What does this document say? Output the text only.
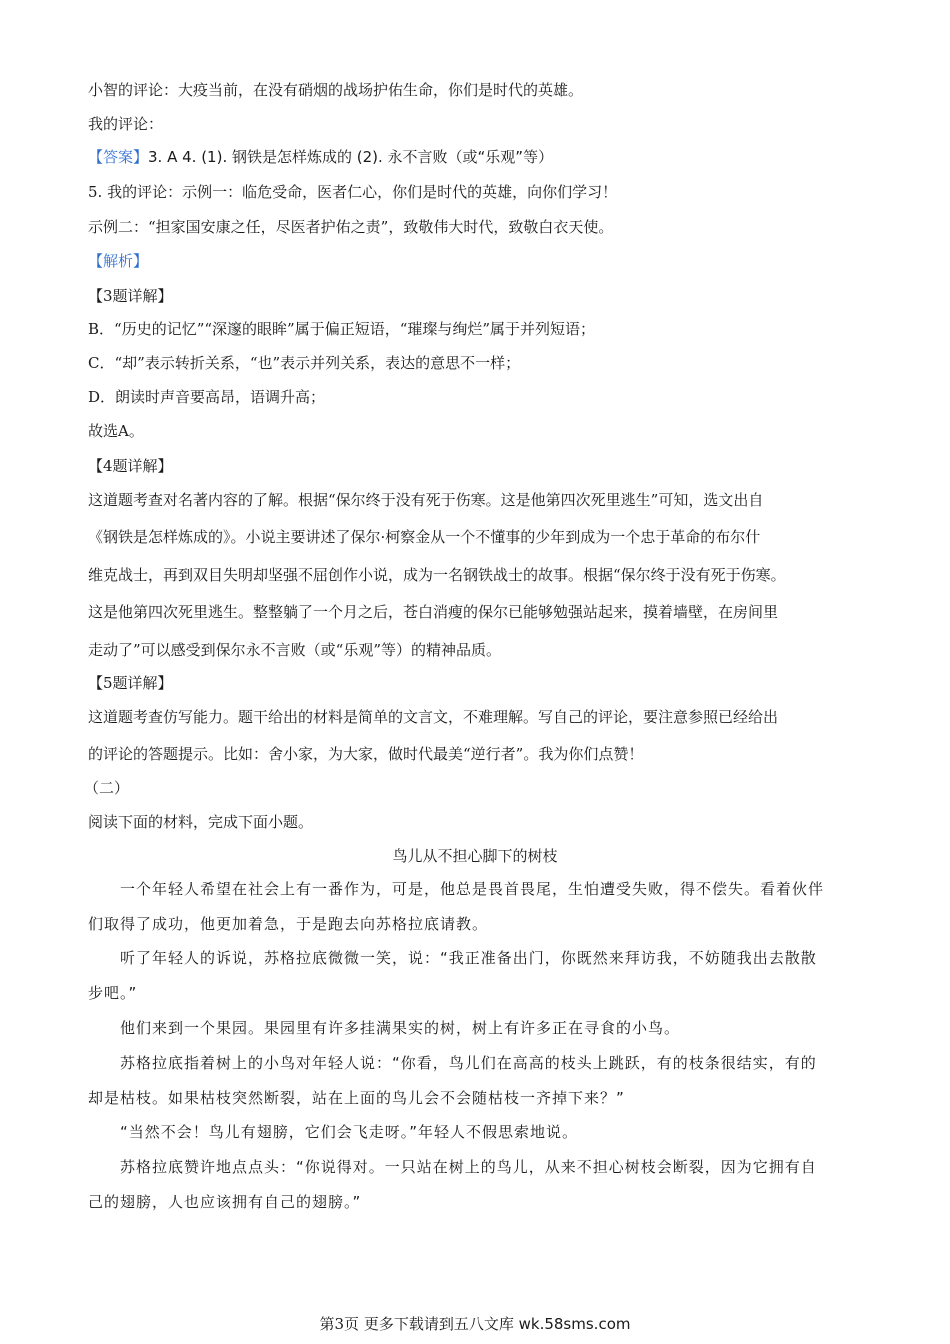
小智的评论：大疫当前，在没有硝烟的战场护佑生命，你们是时代的英雄。
我的评论：
【答案】3. A 4. (1). 钢铁是怎样炼成的 (2). 永不言败（或“乐观”等）
5. 我的评论：示例一：临危受命，医者仁心，你们是时代的英雄，向你们学习！
示例二：“担家国安康之任，尽医者护佑之责”，致敬伟大时代，致敬白衣天使。
【解析】
【3题详解】
B．“历史的记忆”“深邃的眼眸”属于偏正短语，“璀璨与绚烂”属于并列短语；
C．“却”表示转折关系，“也”表示并列关系，表达的意思不一样；
D．朗读时声音要高昂，语调升高；
故选A。
【4题详解】
这道题考查对名著内容的了解。根据“保尔终于没有死于伤寒。这是他第四次死里逃生”可知，选文出自
《钢铁是怎样炼成的》。小说主要讲述了保尔·柯察金从一个不懂事的少年到成为一个忠于革命的布尔什
维克战士，再到双目失明却坚强不屈创作小说，成为一名钢铁战士的故事。根据“保尔终于没有死于伤寒。
这是他第四次死里逃生。整整躺了一个月之后，苍白消瘦的保尔已能够勉强站起来，摸着墙壁，在房间里
走动了”可以感受到保尔永不言败（或“乐观”等）的精神品质。
【5题详解】
这道题考查仿写能力。题干给出的材料是简单的文言文，不难理解。写自己的评论，要注意参照已经给出
的评论的答题提示。比如：舍小家，为大家，做时代最美“逆行者”。我为你们点赞！
（二）
阅读下面的材料，完成下面小题。
鸟儿从不担心脚下的树枝
一个年轻人希望在社会上有一番作为，可是，他总是畏首畏尾，生怕遭受失败，得不偿失。看着伙伴
们取得了成功，他更加着急，于是跑去向苏格拉底请教。
听了年轻人的诉说，苏格拉底微微一笑，说：“我正准备出门，你既然来拜访我，不妨随我出去散散
步吧。”
他们来到一个果园。果园里有许多挂满果实的树，树上有许多正在寻食的小鸟。
苏格拉底指着树上的小鸟对年轻人说：“你看，鸟儿们在高高的枝头上跳跃，有的枝条很结实，有的
却是枯枝。如果枯枝突然断裂，站在上面的鸟儿会不会随枯枝一齐掉下来？”
“当然不会！鸟儿有翅膀，它们会飞走呀。”年轻人不假思索地说。
苏格拉底赞许地点点头：“你说得对。一只站在树上的鸟儿，从来不担心树枝会断裂，因为它拥有自
己的翅膀，人也应该拥有自己的翅膀。”
第3页 更多下载请到五八文库 wk.58sms.com
